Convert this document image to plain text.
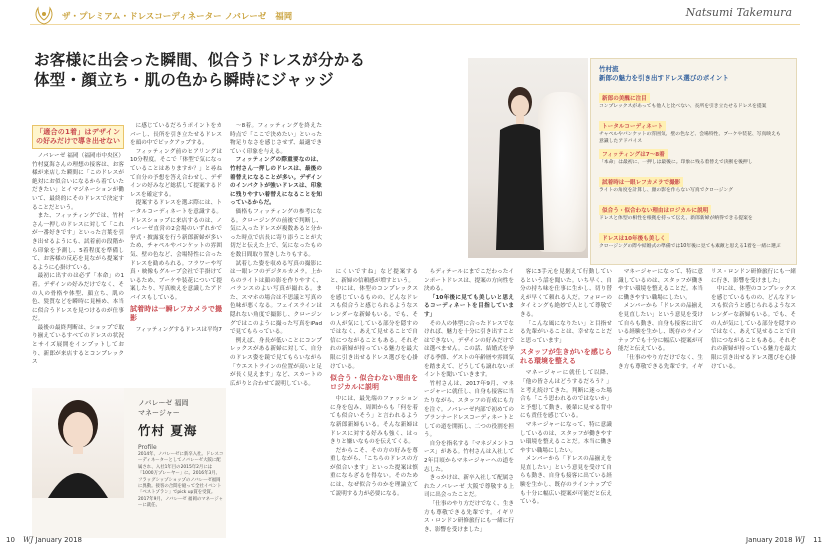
ザ・プレミアム・ドレスコーディネーター ノバレーゼ 福岡	Natsumi Takemura
お客様に出会った瞬間、似合うドレスが分かる
体型・顔立ち・肌の色から瞬時にジャッジ
「適合の1着」はデザインの好みだけで導き出せない

ノバレーゼ 福岡（福岡市中央区）竹村夏海さんの理想の接客は、お客様が来店した瞬間に「このドレスが絶対にお似合いになるから着ていただきたい」とイマジネーションが働いて、最終的にそのドレスで決定することだという。

また、フィッティングでは、竹村さん一押しのドレスに対して「これが一番好きです」といった言葉を引き出せるようにも、試着前の段階から印象を予測し、5着程度を準備して、お客様の反応を見ながら提案するように心掛けている。

最初に出すのは必ず「本命」の1着。デザインの好みだけでなく、その人の骨格や体型、顔立ち、肌の色、髪質などを瞬時に見極め、本当に似合うドレスを見つけるのが仕事だ。

最後の最終判断は、ショップで取り揃えているすべてのドレスの状況とサイズ展開をインプットしており、新郎が来店するとコンプレックス

に感じているだろうポイントをカバーし、長所を引き立たせるドレスを頭の中でピックアップする。

フィッティング前のヒアリングは10分程度。そこで「体型で気になっていることはありますか？」と尋ねて自分の予想を答え合わせし、デザインの好みなど総括して提案するドレスを確定する。

提案するドレスを選ぶ際には、トータルコーディネートを意識する。ドレスショップに来店するのは、ノバレーゼ直営の2会場のいずれかで挙式・披露宴を行う新郎新婦が多いため、チャペルやバンケットの雰囲気、壁の色など、会場特性に合ったドレスを勧められる。フラワーや写真・映像もグループ会社で手掛けているため、ブーケや装花について提案したり、写真映えを意識したアドバイスもしている。

試着時は一瞬レフカメラで撮影

フィッティングするドレスは平均7

〜8着。フィッティングを終えた時点で「ここで決めたい」といった物足りなさを感じさせず、最適できていく印象を与える。

フィッティングの際重要なのは、竹村さん一押しのドレスは、最後の着替えになることが多い。デザインのインパクトが強いドレスは、印象に残りやすい着替えになることを知っているからだ。

価格もフィッティングの参考になる。クロージングの前後で判断し、気に入ったドレスが複数あると分かった時点で店長に寄り添うことが大切だと伝えた上で、気になったものを数日間取り置きしたりもする。

試着した姿を収める写真の撮影には一眼レフのデジタルカメラ。上からのライトは顔の影を作りやすく、バランスのよい写真が撮れる。また、スマホの場合は不思議と写真の色味が悪くなる。フェイスラインは隠れない角度で撮影し、クロージングではこのように撮った写真をiPadで見てもらっている。

例えば、身長が低いことにコンプレックスがある新婦に対して、自分のドレス姿を鏡で見てもらいながら「ウエストラインの位置が高いと足が長く見えます」など、スカートの広がりと合わせて説明している。

竹村流
新郎の魅力を引き出すドレス選びのポイント
新郎の美醜に注目
コンプレックスがあっても他人と比べない、長所を引き立たせるドレスを提案
トータルコーディネート
チャペルやバンケットの雰囲気、壁の色など、会場特性、ブーケや装花、写真映えも意識したアドバイス
フィッティングは7〜8着
「本命」は最初に、一押しは最後に。印象に残る着替えで決断を後押し
試着時は一眼レフカメラで撮影
ライトの角度を計算し、顔の影を作らない写真でクロージング
似合う・似合わない理由はロジカルに説明
ドレスと体型の相性を根拠を持って伝え、新郎新婦が納得できる提案を
ドレスは10年後も美しく
クロージングの際や結婚式の準備では10年後に見ても素敵と思える1着を一緒に選ぶ

にくいですね」など提案すると、新婦の信頼感が増すという。

中には、体型のコンプレックスを感じているものの、どんなドレスも似合うと感じられるようなスレンダーな新婦もいる。でも、その人が気にしている部分を隠すのではなく、あえて見せることで自信につながることもある。それぞれの新婦が持っている魅力を最大限に引き出せるドレス選びを心掛けている。

似合う・似合わない理由をロジカルに説明

中には、最先端のファッションに身を包み、周囲からも「何を着ても似合いそう」と言われるような新郎新婦もいる。そんな新婦はドレスに対する好みも強く、はっきりと嫌いなものを伝えてくる。

だからこそ、その方の好みを尊重しながら、「こちらのドレスの方が似合います」といった提案は慎重にならざるを得ない。そのためには、なぜ似合うのかを理論立てて説明する力が必要になる。

らディテールにまでこだわったインポートドレスは、提案の方向性を決める。

「10年後に見ても美しいと思えるコーディネートを目指しています」

その人の体型に合ったドレスでなければ、魅力を十分に引き出すことはできない。デザインの好みだけでは選べません。この話、結婚式を挙げる季節、ゲストの年齢層や雰囲気を踏まえて、どうしても譲れないポイントを聞いていきます。

竹村さんは、2017年9月、マネージャーに就任し、自身も接客に当たりながら、スタッフの育成にも力を注ぐ。ノバレーゼ内部で初めてのブランナードレスコーディネートとしての道を開拓し、二つの役割を担う。

自分を指名する「マネジメントコース」がある。竹村さんは入社して2年目頃からマネージャーへの道を志した。

きっかけは、新卒入社して配属されたノバレーゼ 大阪で尊敬する上司に出会ったことだ。

「仕事のやり方だけでなく、生き方も尊敬できる先輩です。イギリス・ロンドン研修旅行にも一緒に行き、影響を受けました」

客に3手元を見据えて行動しているという話を聞いた。いち早く、自分の持ち味を仕事に生かし、切り替えが早くて頼れる人だ。フォローのタイミングも絶妙で人として尊敬できる。

「こんな風になりたい」と目指せる先輩がいることは、幸せなことだと思っています」

スタッフが生きがいを感じられる環境を整える

マネージャーに就任して以降、「他の皆さんはどうするだろう？」と考え続けてきた。判断に迷った場合も「こう思われるのではないか」と予想して動き、後輩に見せる背中にも責任を感じている。

マネージャーになって、特に意識しているのは、スタッフが働きやすい環境を整えることだ。本当に働きやすい職場にしたい。

メンバーから「ドレスの品揃えを見直したい」という意見を受けて自らも動き、自身も接客に出ている経験を生かし、既存のラインナップでも十分に幅広い提案が可能だと伝えている。

マネージャーになって、特に意識しているのは、スタッフが働きやすい環境を整えることだ。本当に働きやすい職場にしたい。

メンバーから「ドレスの品揃えを見直したい」という意見を受けて自らも動き、自身も接客に出ている経験を生かし、既存のラインナップでも十分に幅広い提案が可能だと伝えている。

「仕事のやり方だけでなく、生き方も尊敬できる先輩です。イギリス・ロンドン研修旅行にも一緒に行き、影響を受けました」

中には、体型のコンプレックスを感じているものの、どんなドレスも似合うと感じられるようなスレンダーな新婦もいる。でも、その人が気にしている部分を隠すのではなく、あえて見せることで自信につながることもある。それぞれの新婦が持っている魅力を最大限に引き出せるドレス選びを心掛けている。

ノバレーゼ 福岡
マネージャー
竹村 夏海
Profile
2014年、ノバレーゼに新卒入社。ドレスコーディネーターとしてノバレーゼ大阪に配属され、入社1年目の2015年2月には「1000万プレーヤー」に。2016年3月、フラッグシップショップのノバレーゼ福岡に異動。接客の合間を縫って全社イベント「ベストプラン」でpick up賞を受賞。2017年9月、ノバレーゼ 福岡のマネージャーに就任。
10 WJ January 2018	January 2018 WJ 11
